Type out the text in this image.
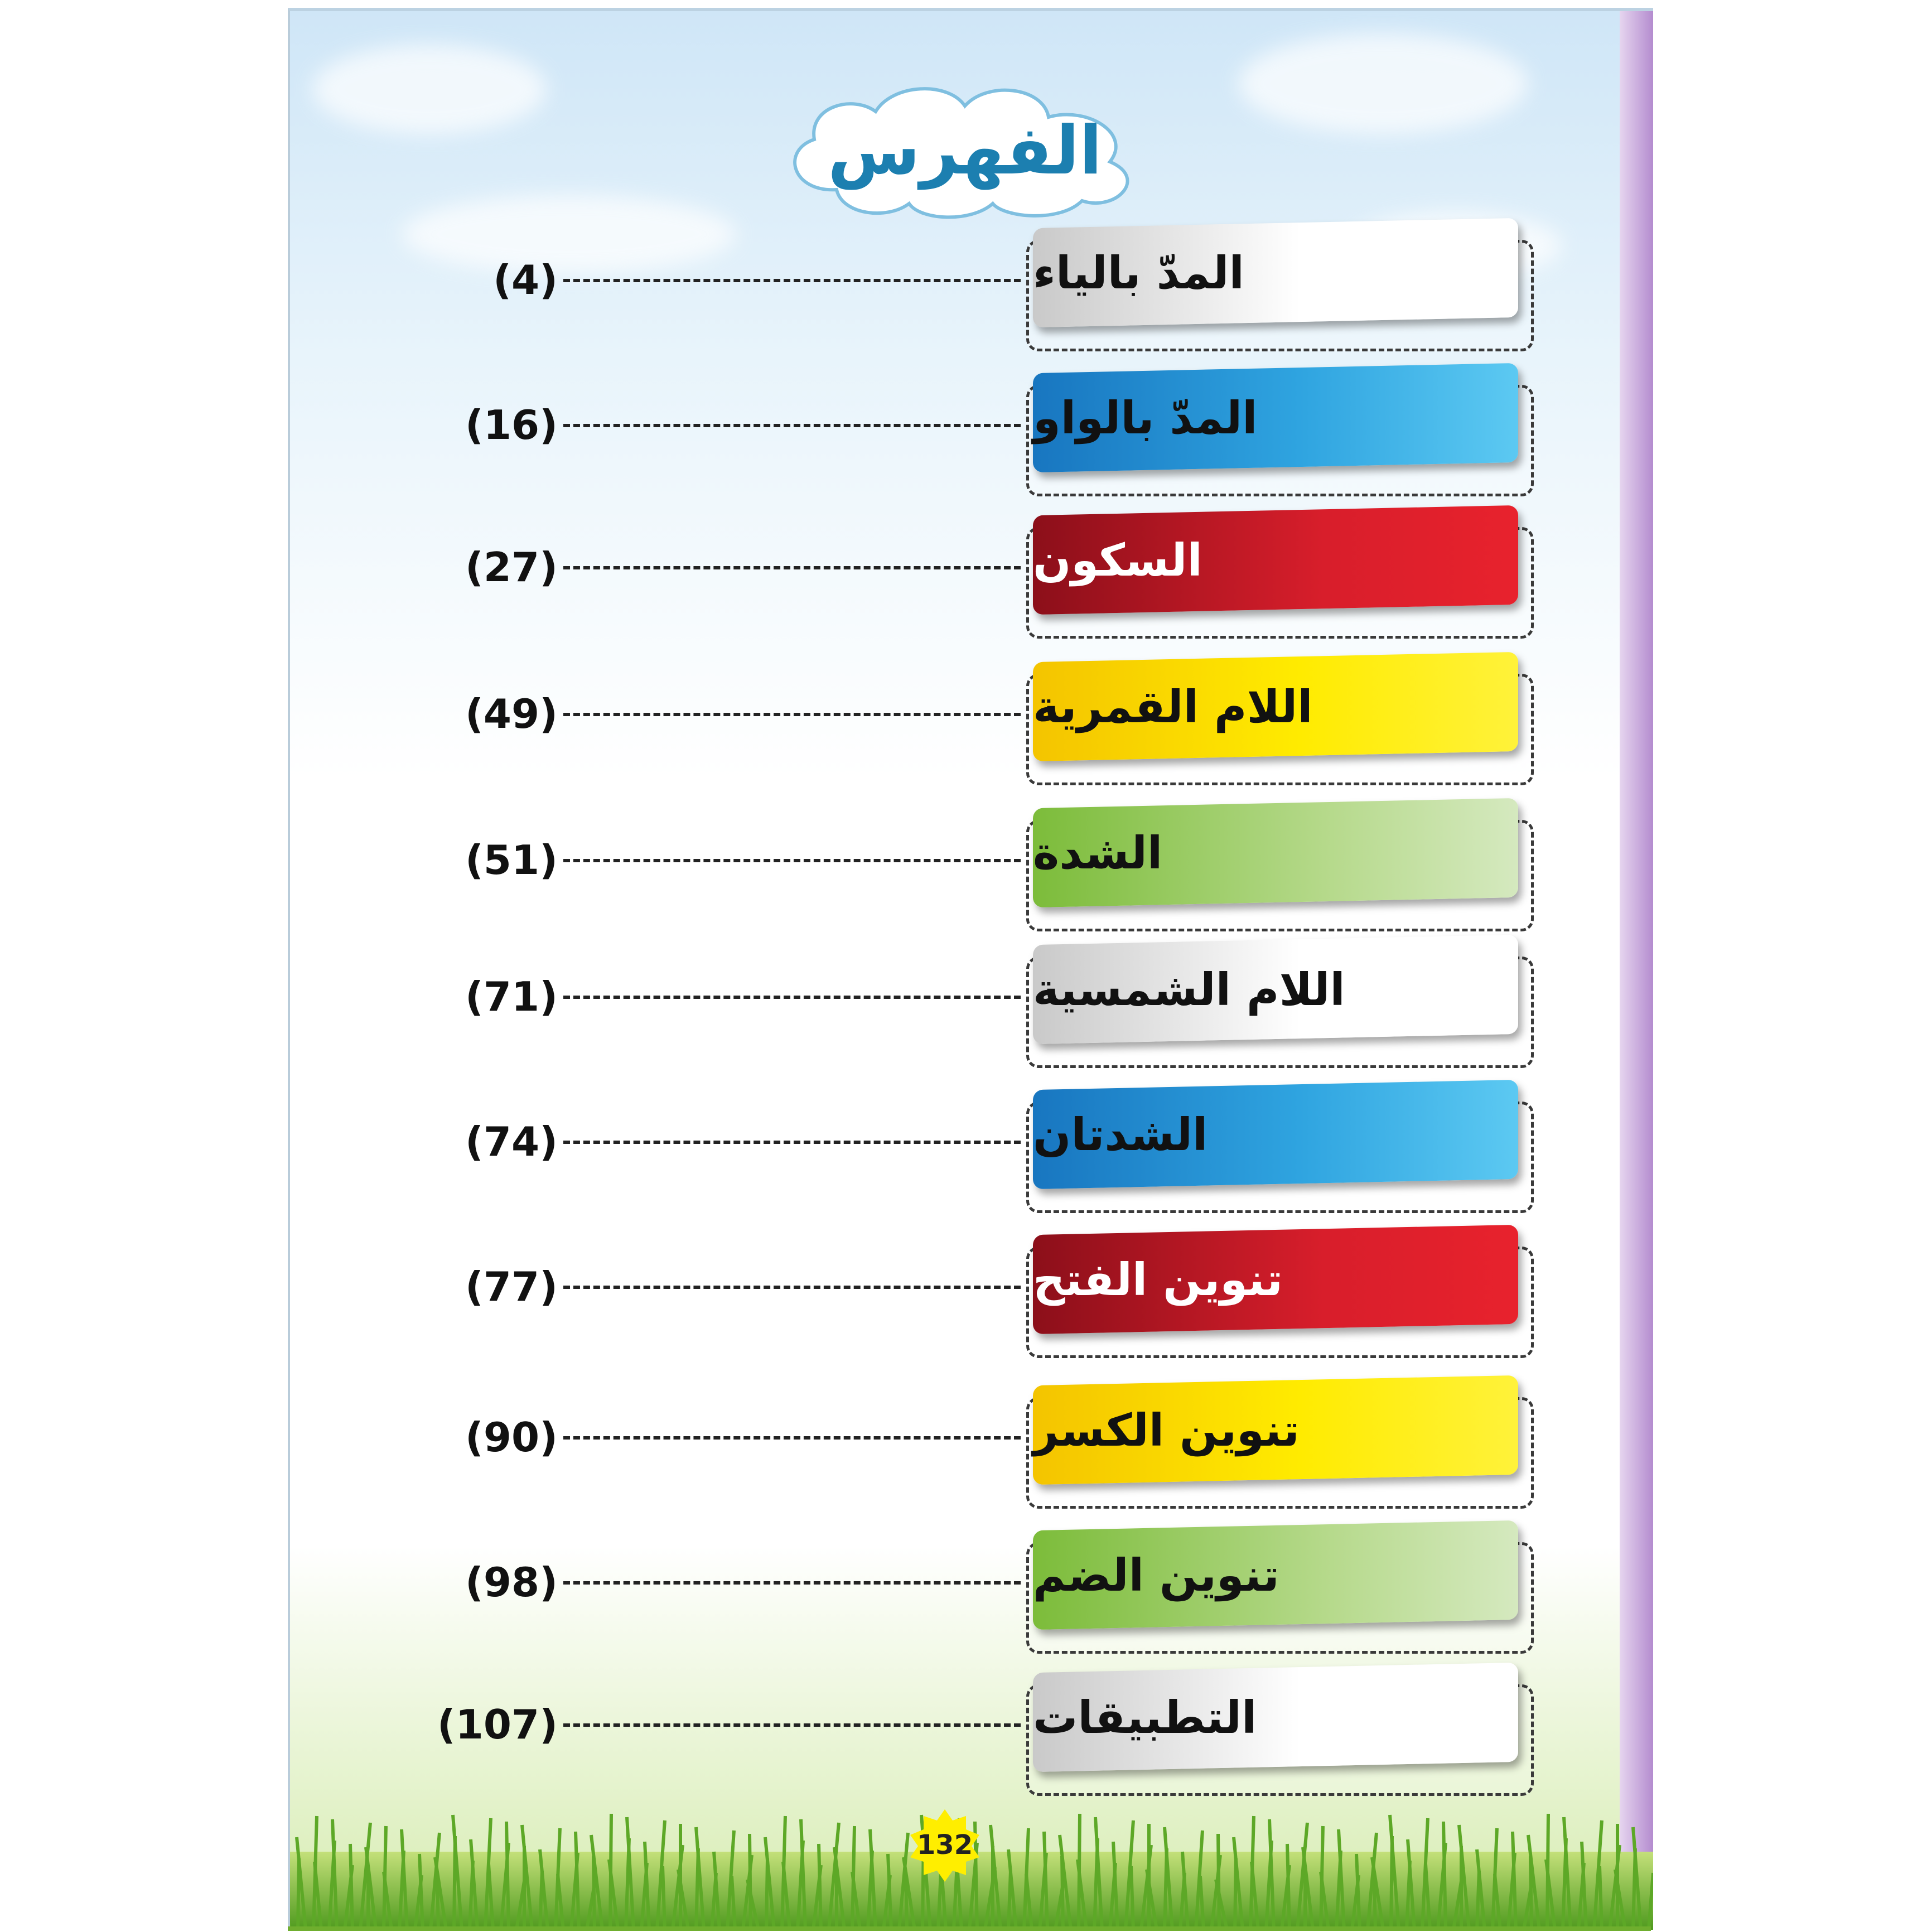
الفهرس
المدّ بالياء
(4)
المدّ بالواو
(16)
السكون
(27)
اللام القمرية
(49)
الشدة
(51)
اللام الشمسية
(71)
الشدتان
(74)
تنوين الفتح
(77)
تنوين الكسر
(90)
تنوين الضم
(98)
التطبيقات
(107)
132
